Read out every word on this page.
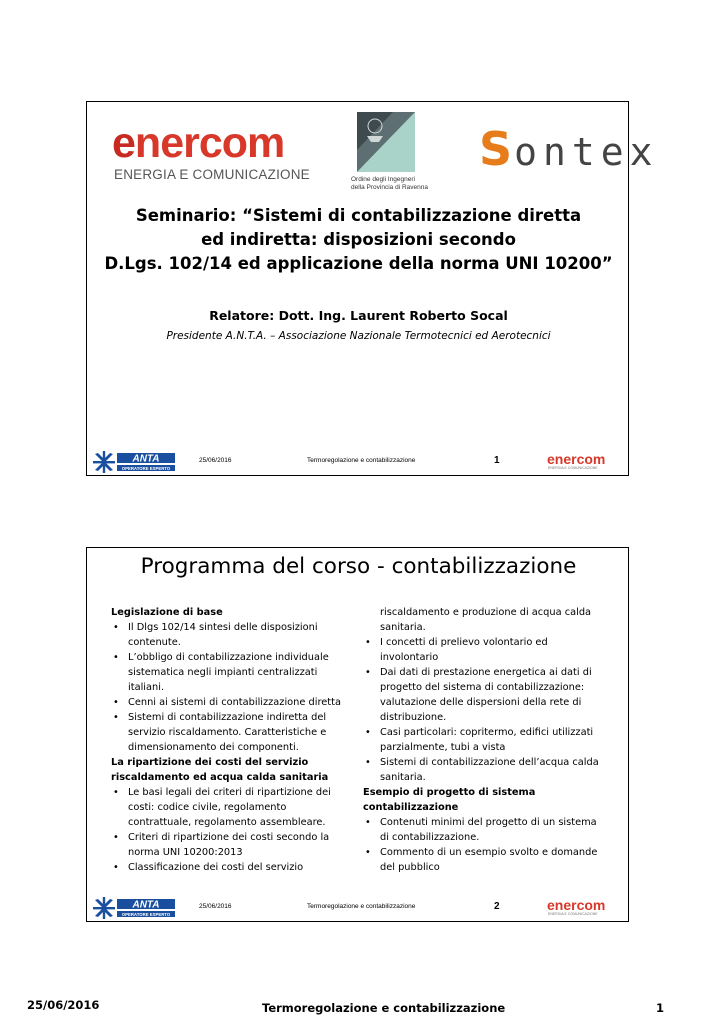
enercom
ENERGIA E COMUNICAZIONE	Ordine degli Ingegneri
della Provincia di Ravenna
Sontex
Seminario: “Sistemi di contabilizzazione diretta
ed indiretta: disposizioni secondo
D.Lgs. 102/14 ed applicazione della norma UNI 10200”
Relatore: Dott. Ing. Laurent Roberto Socal
Presidente A.N.T.A. – Associazione Nazionale Termotecnici ed Aerotecnici
ANTA
OPERATORE ESPERTO
25/06/2016	Termoregolazione e contabilizzazione	1	enercom
ENERGIA E COMUNICAZIONE
Programma del corso - contabilizzazione
Legislazione di base
• Il Dlgs 102/14 sintesi delle disposizioni
contenute.
• L’obbligo di contabilizzazione individuale
sistematica negli impianti centralizzati
italiani.
• Cenni ai sistemi di contabilizzazione diretta
• Sistemi di contabilizzazione indiretta del
servizio riscaldamento. Caratteristiche e
dimensionamento dei componenti.
La ripartizione dei costi del servizio
riscaldamento ed acqua calda sanitaria
• Le basi legali dei criteri di ripartizione dei
costi: codice civile, regolamento
contrattuale, regolamento assembleare.
• Criteri di ripartizione dei costi secondo la
norma UNI 10200:2013
• Classificazione dei costi del servizio
riscaldamento e produzione di acqua calda
sanitaria.
• I concetti di prelievo volontario ed
involontario
• Dai dati di prestazione energetica ai dati di
progetto del sistema di contabilizzazione:
valutazione delle dispersioni della rete di
distribuzione.
• Casi particolari: copritermo, edifici utilizzati
parzialmente, tubi a vista
• Sistemi di contabilizzazione dell’acqua calda
sanitaria.
Esempio di progetto di sistema
contabilizzazione
• Contenuti minimi del progetto di un sistema
di contabilizzazione.
• Commento di un esempio svolto e domande
del pubblico
ANTA
OPERATORE ESPERTO
25/06/2016	Termoregolazione e contabilizzazione	2	enercom
ENERGIA E COMUNICAZIONE
25/06/2016	Termoregolazione e contabilizzazione	1
